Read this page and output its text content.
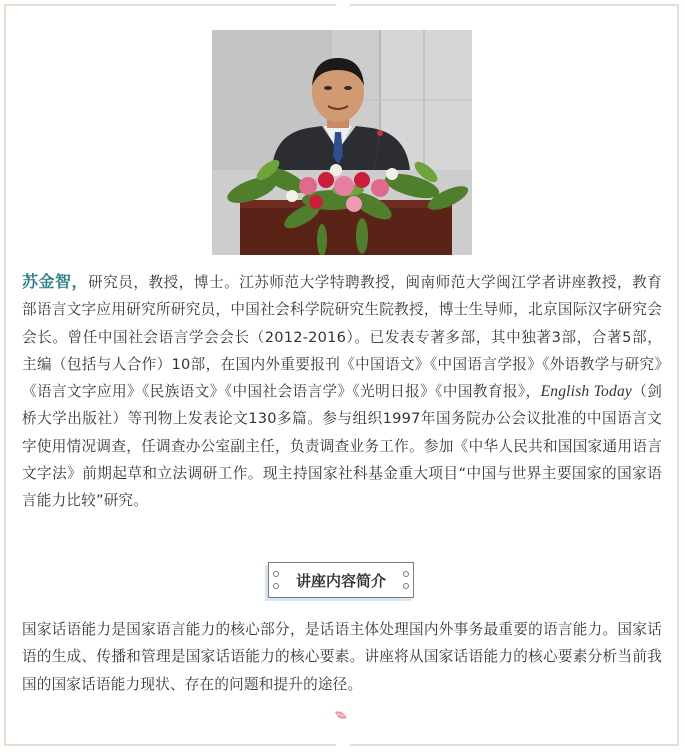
苏金智，研究员，教授，博士。江苏师范大学特聘教授，闽南师范大学闽江学者讲座教授，教育部语言文字应用研究所研究员，中国社会科学院研究生院教授，博士生导师，北京国际汉字研究会会长。曾任中国社会语言学会会长（2012-2016）。已发表专著多部，其中独著3部，合著5部，主编（包括与人合作）10部，在国内外重要报刊《中国语文》《中国语言学报》《外语教学与研究》《语言文字应用》《民族语文》《中国社会语言学》《光明日报》《中国教育报》，English Today（剑桥大学出版社）等刊物上发表论文130多篇。参与组织1997年国务院办公会议批准的中国语言文字使用情况调查，任调查办公室副主任，负责调查业务工作。参加《中华人民共和国国家通用语言文字法》前期起草和立法调研工作。现主持国家社科基金重大项目“中国与世界主要国家的国家语言能力比较”研究。

讲座内容简介

国家话语能力是国家语言能力的核心部分，是话语主体处理国内外事务最重要的语言能力。国家话语的生成、传播和管理是国家话语能力的核心要素。讲座将从国家话语能力的核心要素分析当前我国的国家话语能力现状、存在的问题和提升的途径。
